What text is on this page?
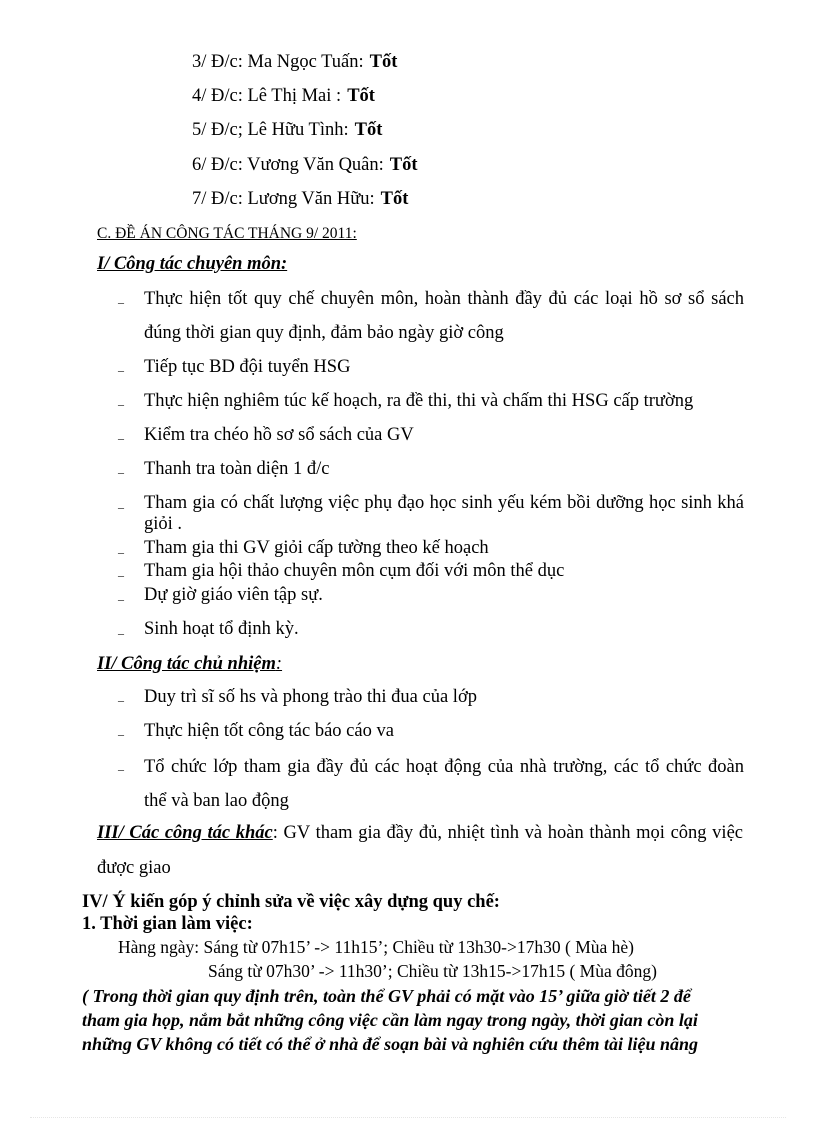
3/ Đ/c: Ma Ngọc Tuấn: Tốt
4/ Đ/c: Lê Thị Mai : Tốt
5/ Đ/c; Lê Hữu Tình: Tốt
6/ Đ/c: Vương Văn Quân: Tốt
7/ Đ/c: Lương Văn Hữu: Tốt
C. ĐỀ ÁN CÔNG TÁC THÁNG 9/ 2011:
I/ Công tác chuyên môn:
– Thực hiện tốt quy chế chuyên môn, hoàn thành đầy đủ các loại hồ sơ sổ sách
đúng thời gian quy định, đảm bảo ngày giờ công
– Tiếp tục BD đội tuyển HSG
– Thực hiện nghiêm túc kế hoạch, ra đề thi, thi và chấm thi HSG cấp trường
– Kiểm tra chéo hồ sơ sổ sách của GV
– Thanh tra toàn diện 1 đ/c
– Tham gia có chất lượng việc phụ đạo học sinh yếu kém bồi dưỡng học sinh khá
giỏi .
– Tham gia thi GV giỏi cấp tường theo kế hoạch
– Tham gia hội thảo chuyên môn cụm đối với môn thể dục
– Dự giờ giáo viên tập sự.
– Sinh hoạt tổ định kỳ.
II/ Công tác chủ nhiệm:
– Duy trì sĩ số hs và phong trào thi đua của lớp
– Thực hiện tốt công tác báo cáo va
– Tổ chức lớp tham gia đầy đủ các hoạt động của nhà trường, các tổ chức đoàn
thể và ban lao động
III/ Các công tác khác: GV tham gia đầy đủ, nhiệt tình và hoàn thành mọi công việc
được giao
IV/ Ý kiến góp ý chỉnh sửa về việc xây dựng quy chế:
1. Thời gian làm việc:
Hàng ngày: Sáng từ 07h15’ -> 11h15’; Chiều từ 13h30->17h30 ( Mùa hè)
Sáng từ 07h30’ -> 11h30’; Chiều từ 13h15->17h15 ( Mùa đông)
( Trong thời gian quy định trên, toàn thể GV phải có mặt vào 15’ giữa giờ tiết 2 để
tham gia họp, nắm bắt những công việc cần làm ngay trong ngày, thời gian còn lại
những GV không có tiết có thể ở nhà để soạn bài và nghiên cứu thêm tài liệu nâng
